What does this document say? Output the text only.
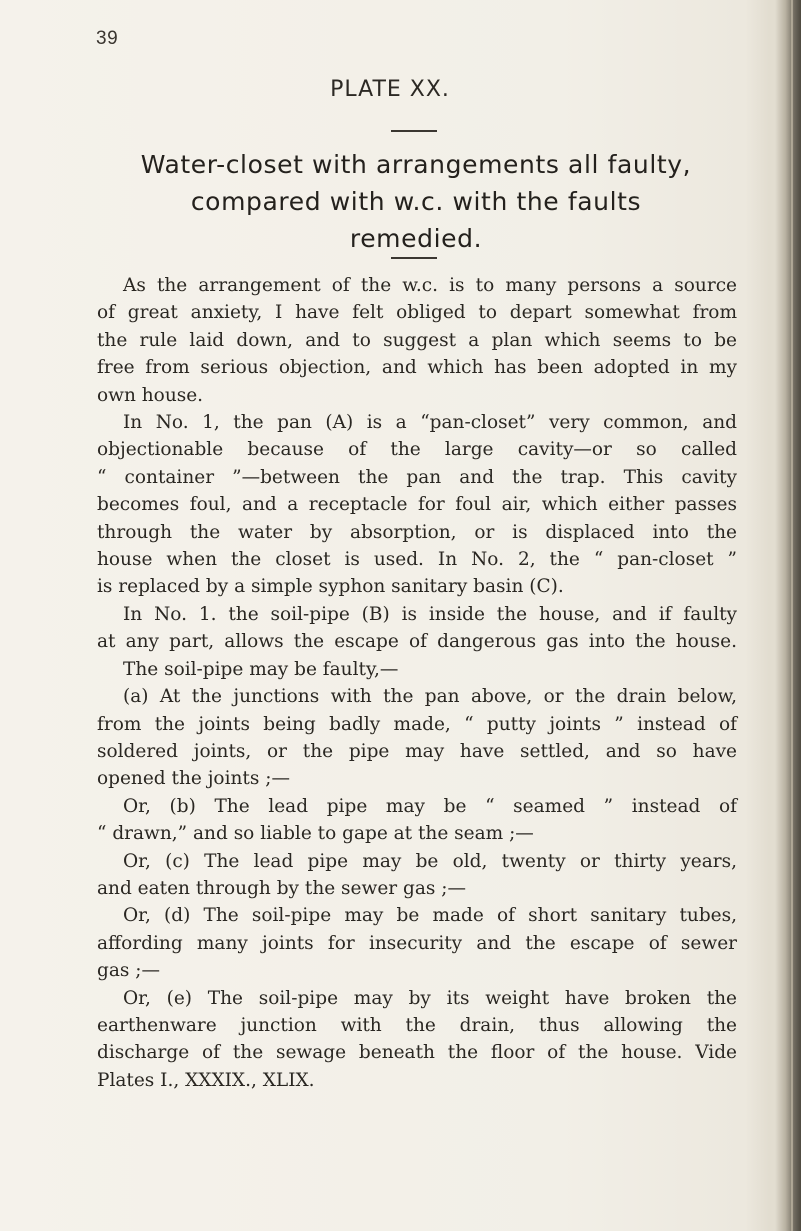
39
PLATE XX.
Water-closet with arrangements all faulty,
compared with w.c. with the faults
remedied.
As the arrangement of the w.c. is to many persons a source
of great anxiety, I have felt obliged to depart somewhat from
the rule laid down, and to suggest a plan which seems to be
free from serious objection, and which has been adopted in my
own house.
In No. 1, the pan (A) is a “pan-closet” very common, and
objectionable because of the large cavity—or so called
“ container ”—between the pan and the trap. This cavity
becomes foul, and a receptacle for foul air, which either passes
through the water by absorption, or is displaced into the
house when the closet is used. In No. 2, the “ pan-closet ”
is replaced by a simple syphon sanitary basin (C).
In No. 1. the soil-pipe (B) is inside the house, and if faulty
at any part, allows the escape of dangerous gas into the house.
The soil-pipe may be faulty,—
(a) At the junctions with the pan above, or the drain below,
from the joints being badly made, “ putty joints ” instead of
soldered joints, or the pipe may have settled, and so have
opened the joints ;—
Or, (b) The lead pipe may be “ seamed ” instead of
“ drawn,” and so liable to gape at the seam ;—
Or, (c) The lead pipe may be old, twenty or thirty years,
and eaten through by the sewer gas ;—
Or, (d) The soil-pipe may be made of short sanitary tubes,
affording many joints for insecurity and the escape of sewer
gas ;—
Or, (e) The soil-pipe may by its weight have broken the
earthenware junction with the drain, thus allowing the
discharge of the sewage beneath the floor of the house. Vide
Plates I., XXXIX., XLIX.
